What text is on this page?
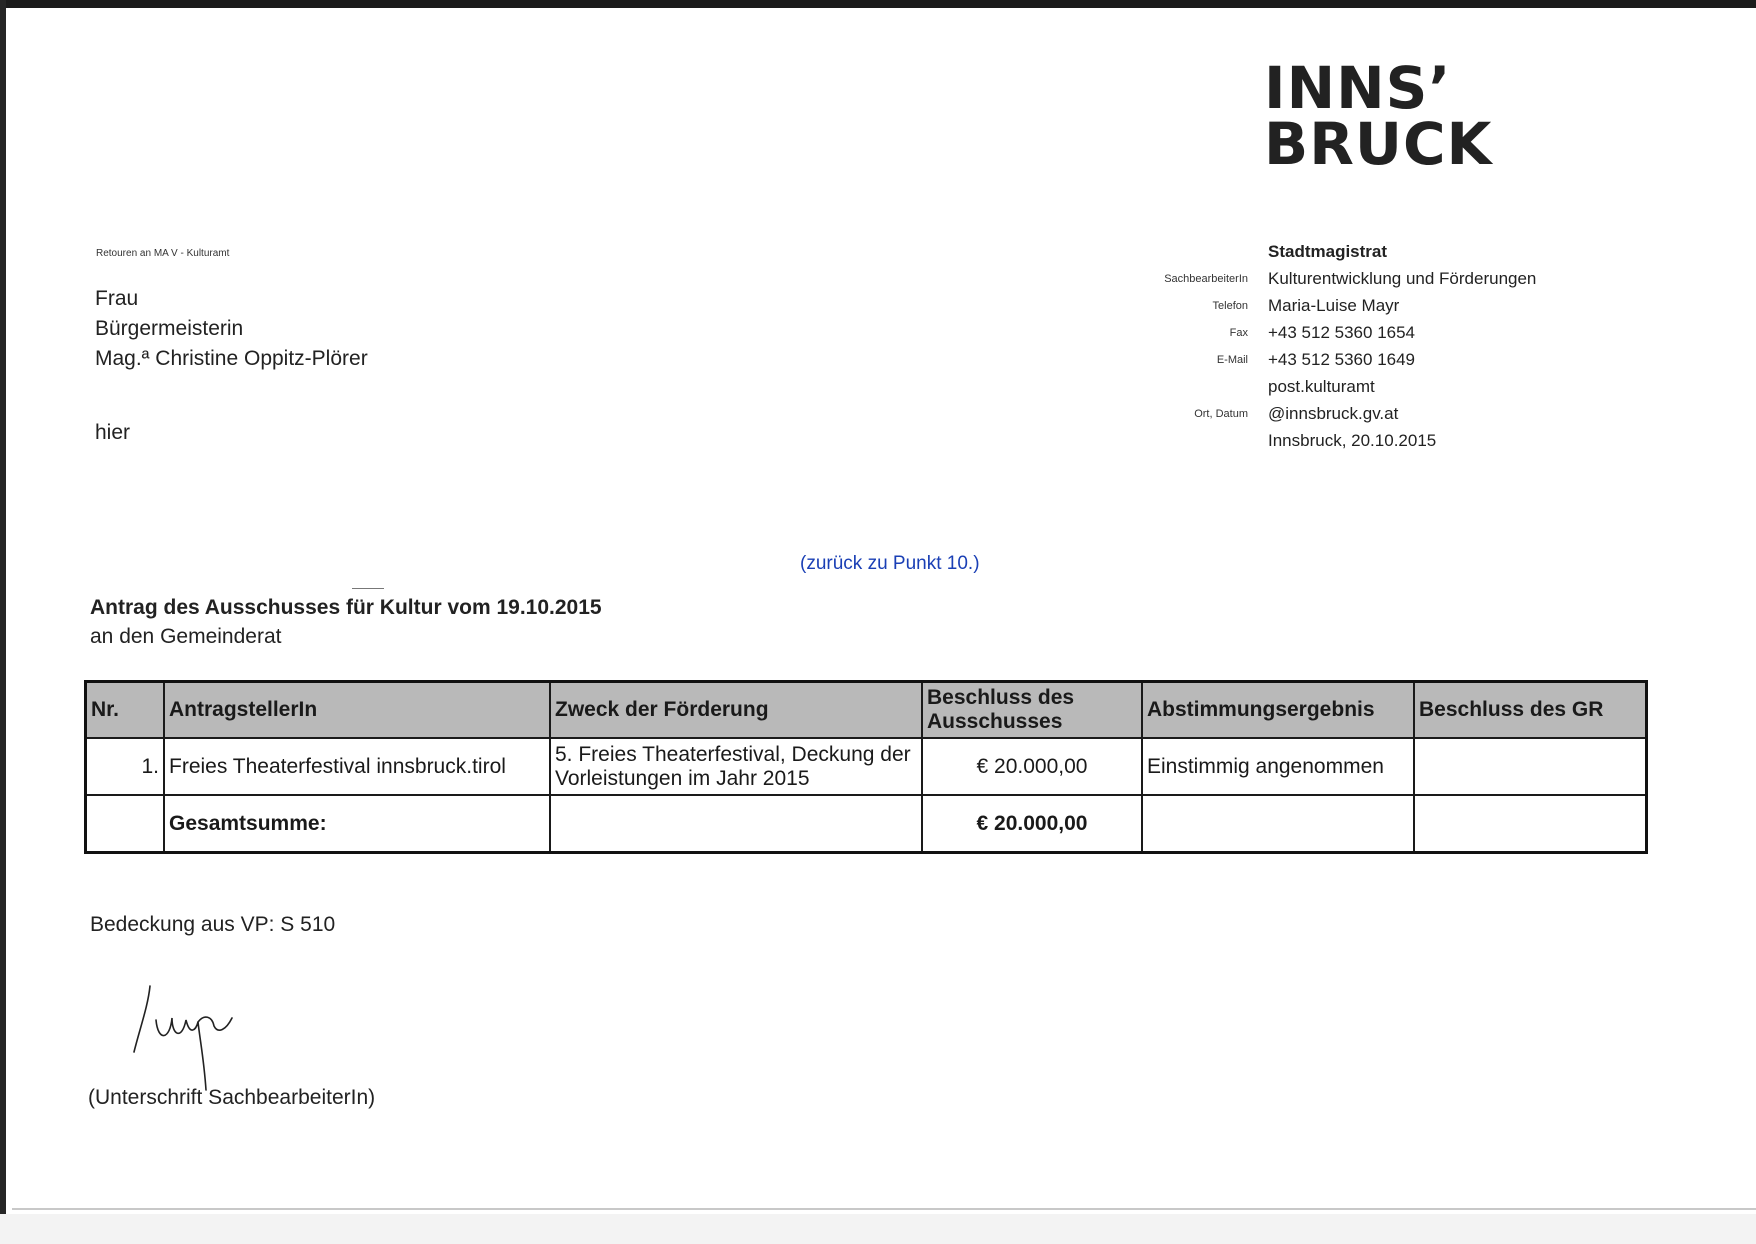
INNS’
BRUCK
Retouren an MA V - Kulturamt
Frau
Bürgermeisterin
Mag.ª Christine Oppitz-Plörer
hier
SachbearbeiterIn
Telefon
Fax
E-Mail
Ort, Datum
Stadtmagistrat
Kulturentwicklung und Förderungen
Maria-Luise Mayr
+43 512 5360 1654
+43 512 5360 1649
post.kulturamt
@innsbruck.gv.at
Innsbruck, 20.10.2015
(zurück zu Punkt 10.)
Antrag des Ausschusses für Kultur vom 19.10.2015
an den Gemeinderat
Nr.	AntragstellerIn	Zweck der Förderung	Beschluss des Ausschusses	Abstimmungsergebnis	Beschluss des GR
1.	Freies Theaterfestival innsbruck.tirol	5. Freies Theaterfestival, Deckung der Vorleistungen im Jahr 2015	€ 20.000,00	Einstimmig angenommen	
	Gesamtsumme:		€ 20.000,00		
Bedeckung aus VP: S 510
(Unterschrift SachbearbeiterIn)
